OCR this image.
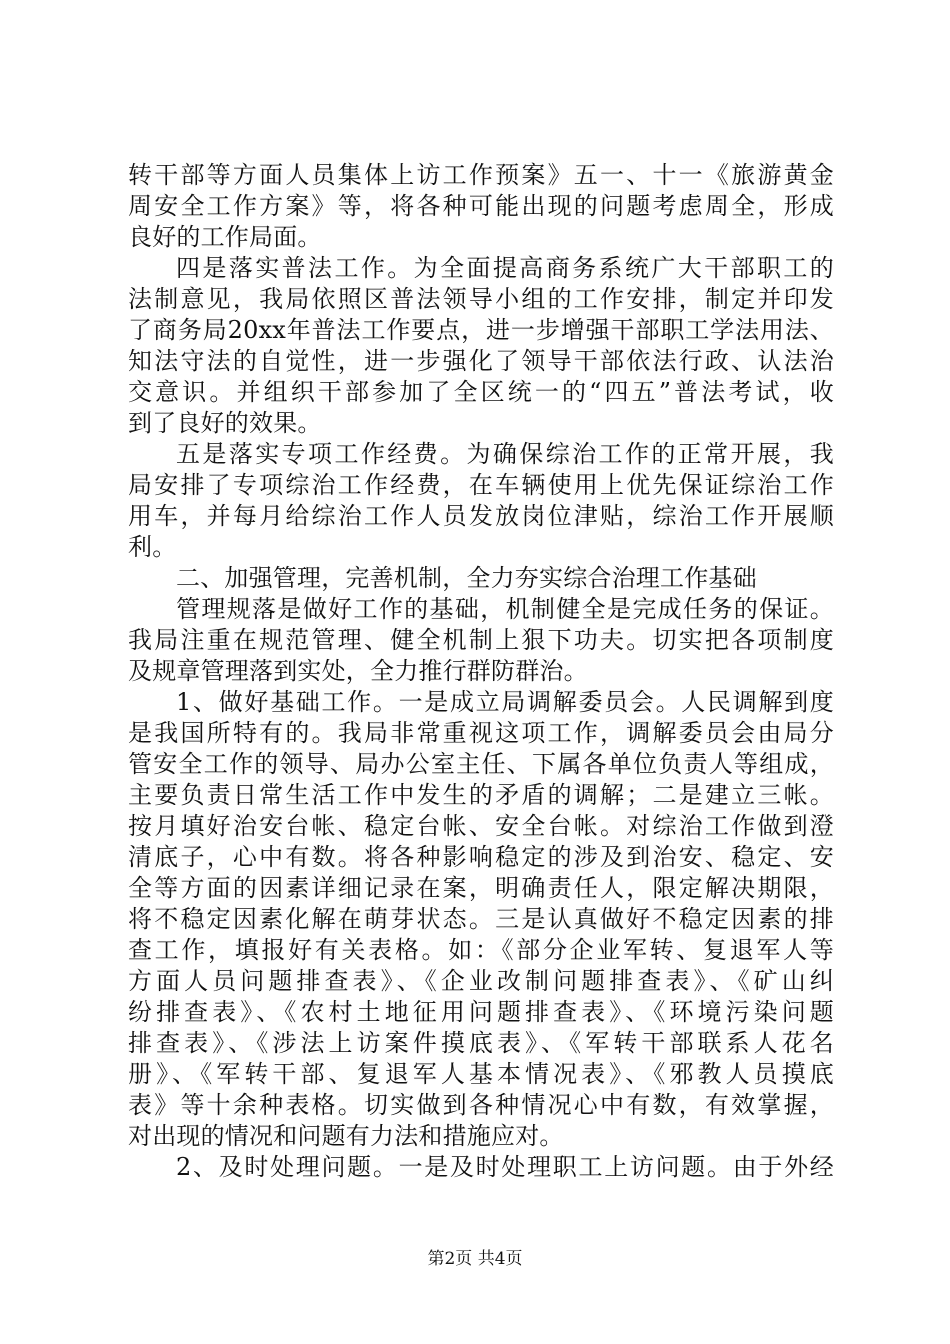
转干部等方面人员集体上访工作预案》五一、十一《旅游黄金
周安全工作方案》等，将各种可能出现的问题考虑周全，形成
良好的工作局面。
四是落实普法工作。为全面提高商务系统广大干部职工的
法制意见，我局依照区普法领导小组的工作安排，制定并印发
了商务局20xx年普法工作要点，进一步增强干部职工学法用法、
知法守法的自觉性，进一步强化了领导干部依法行政、认法治
交意识。并组织干部参加了全区统一的“四五”普法考试，收
到了良好的效果。
五是落实专项工作经费。为确保综治工作的正常开展，我
局安排了专项综治工作经费，在车辆使用上优先保证综治工作
用车，并每月给综治工作人员发放岗位津贴，综治工作开展顺
利。
二、加强管理，完善机制，全力夯实综合治理工作基础
管理规落是做好工作的基础，机制健全是完成任务的保证。
我局注重在规范管理、健全机制上狠下功夫。切实把各项制度
及规章管理落到实处，全力推行群防群治。
1、做好基础工作。一是成立局调解委员会。人民调解到度
是我国所特有的。我局非常重视这项工作，调解委员会由局分
管安全工作的领导、局办公室主任、下属各单位负责人等组成，
主要负责日常生活工作中发生的矛盾的调解；二是建立三帐。
按月填好治安台帐、稳定台帐、安全台帐。对综治工作做到澄
清底子，心中有数。将各种影响稳定的涉及到治安、稳定、安
全等方面的因素详细记录在案，明确责任人，限定解决期限，
将不稳定因素化解在萌芽状态。三是认真做好不稳定因素的排
查工作，填报好有关表格。如：《部分企业军转、复退军人等
方面人员问题排查表》、《企业改制问题排查表》、《矿山纠
纷排查表》、《农村土地征用问题排查表》、《环境污染问题
排查表》、《涉法上访案件摸底表》、《军转干部联系人花名
册》、《军转干部、复退军人基本情况表》、《邪教人员摸底
表》等十余种表格。切实做到各种情况心中有数，有效掌握，
对出现的情况和问题有力法和措施应对。
2、及时处理问题。一是及时处理职工上访问题。由于外经
第2页 共4页
